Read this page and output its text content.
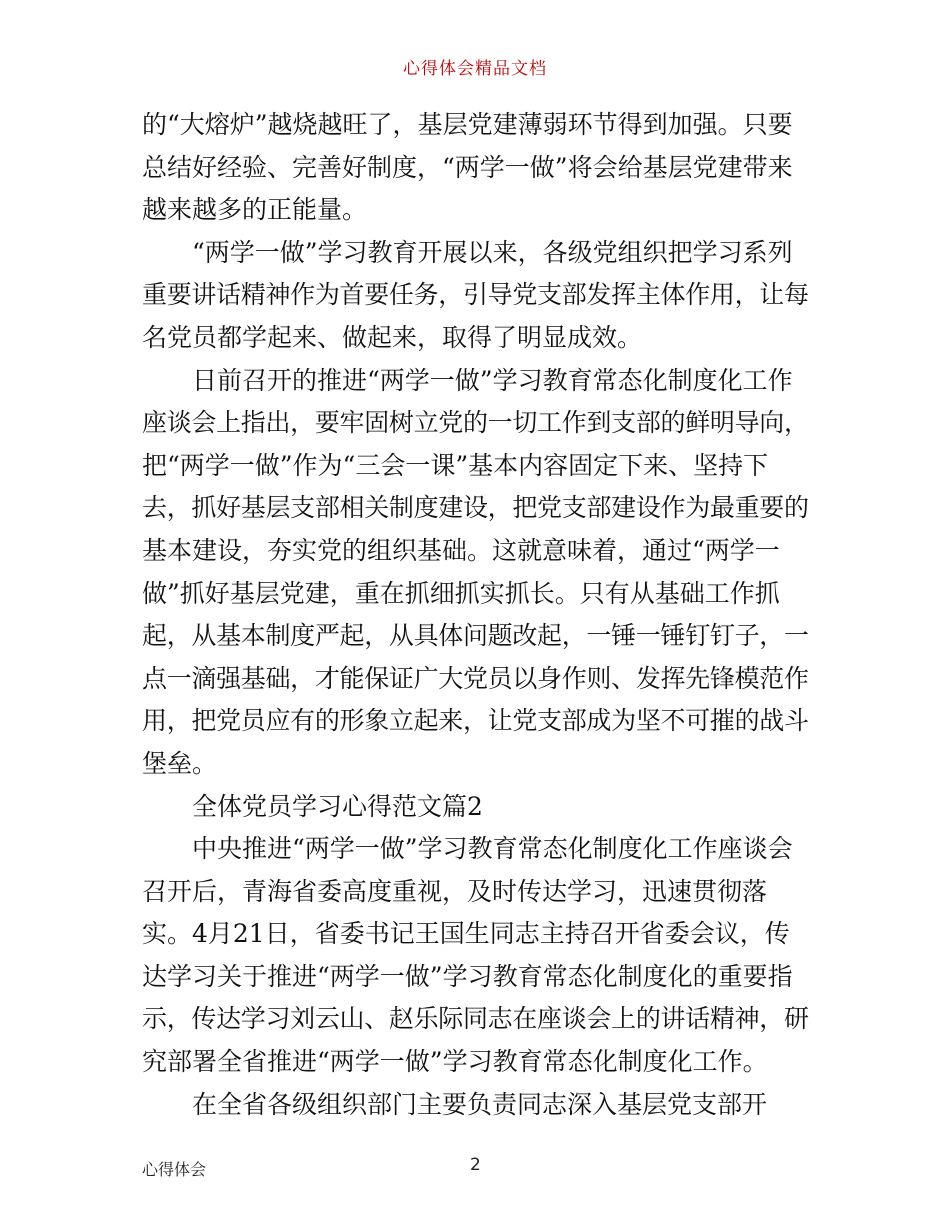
心得体会精品文档
的“大熔炉”越烧越旺了，基层党建薄弱环节得到加强。只要
总结好经验、完善好制度，“两学一做”将会给基层党建带来
越来越多的正能量。
“两学一做”学习教育开展以来，各级党组织把学习系列
重要讲话精神作为首要任务，引导党支部发挥主体作用，让每
名党员都学起来、做起来，取得了明显成效。
日前召开的推进“两学一做”学习教育常态化制度化工作
座谈会上指出，要牢固树立党的一切工作到支部的鲜明导向，
把“两学一做”作为“三会一课”基本内容固定下来、坚持下
去，抓好基层支部相关制度建设，把党支部建设作为最重要的
基本建设，夯实党的组织基础。这就意味着，通过“两学一
做”抓好基层党建，重在抓细抓实抓长。只有从基础工作抓
起，从基本制度严起，从具体问题改起，一锤一锤钉钉子，一
点一滴强基础，才能保证广大党员以身作则、发挥先锋模范作
用，把党员应有的形象立起来，让党支部成为坚不可摧的战斗
堡垒。
全体党员学习心得范文篇2
中央推进“两学一做”学习教育常态化制度化工作座谈会
召开后，青海省委高度重视，及时传达学习，迅速贯彻落
实。4月21日，省委书记王国生同志主持召开省委会议，传
达学习关于推进“两学一做”学习教育常态化制度化的重要指
示，传达学习刘云山、赵乐际同志在座谈会上的讲话精神，研
究部署全省推进“两学一做”学习教育常态化制度化工作。
在全省各级组织部门主要负责同志深入基层党支部开
心得体会	2
